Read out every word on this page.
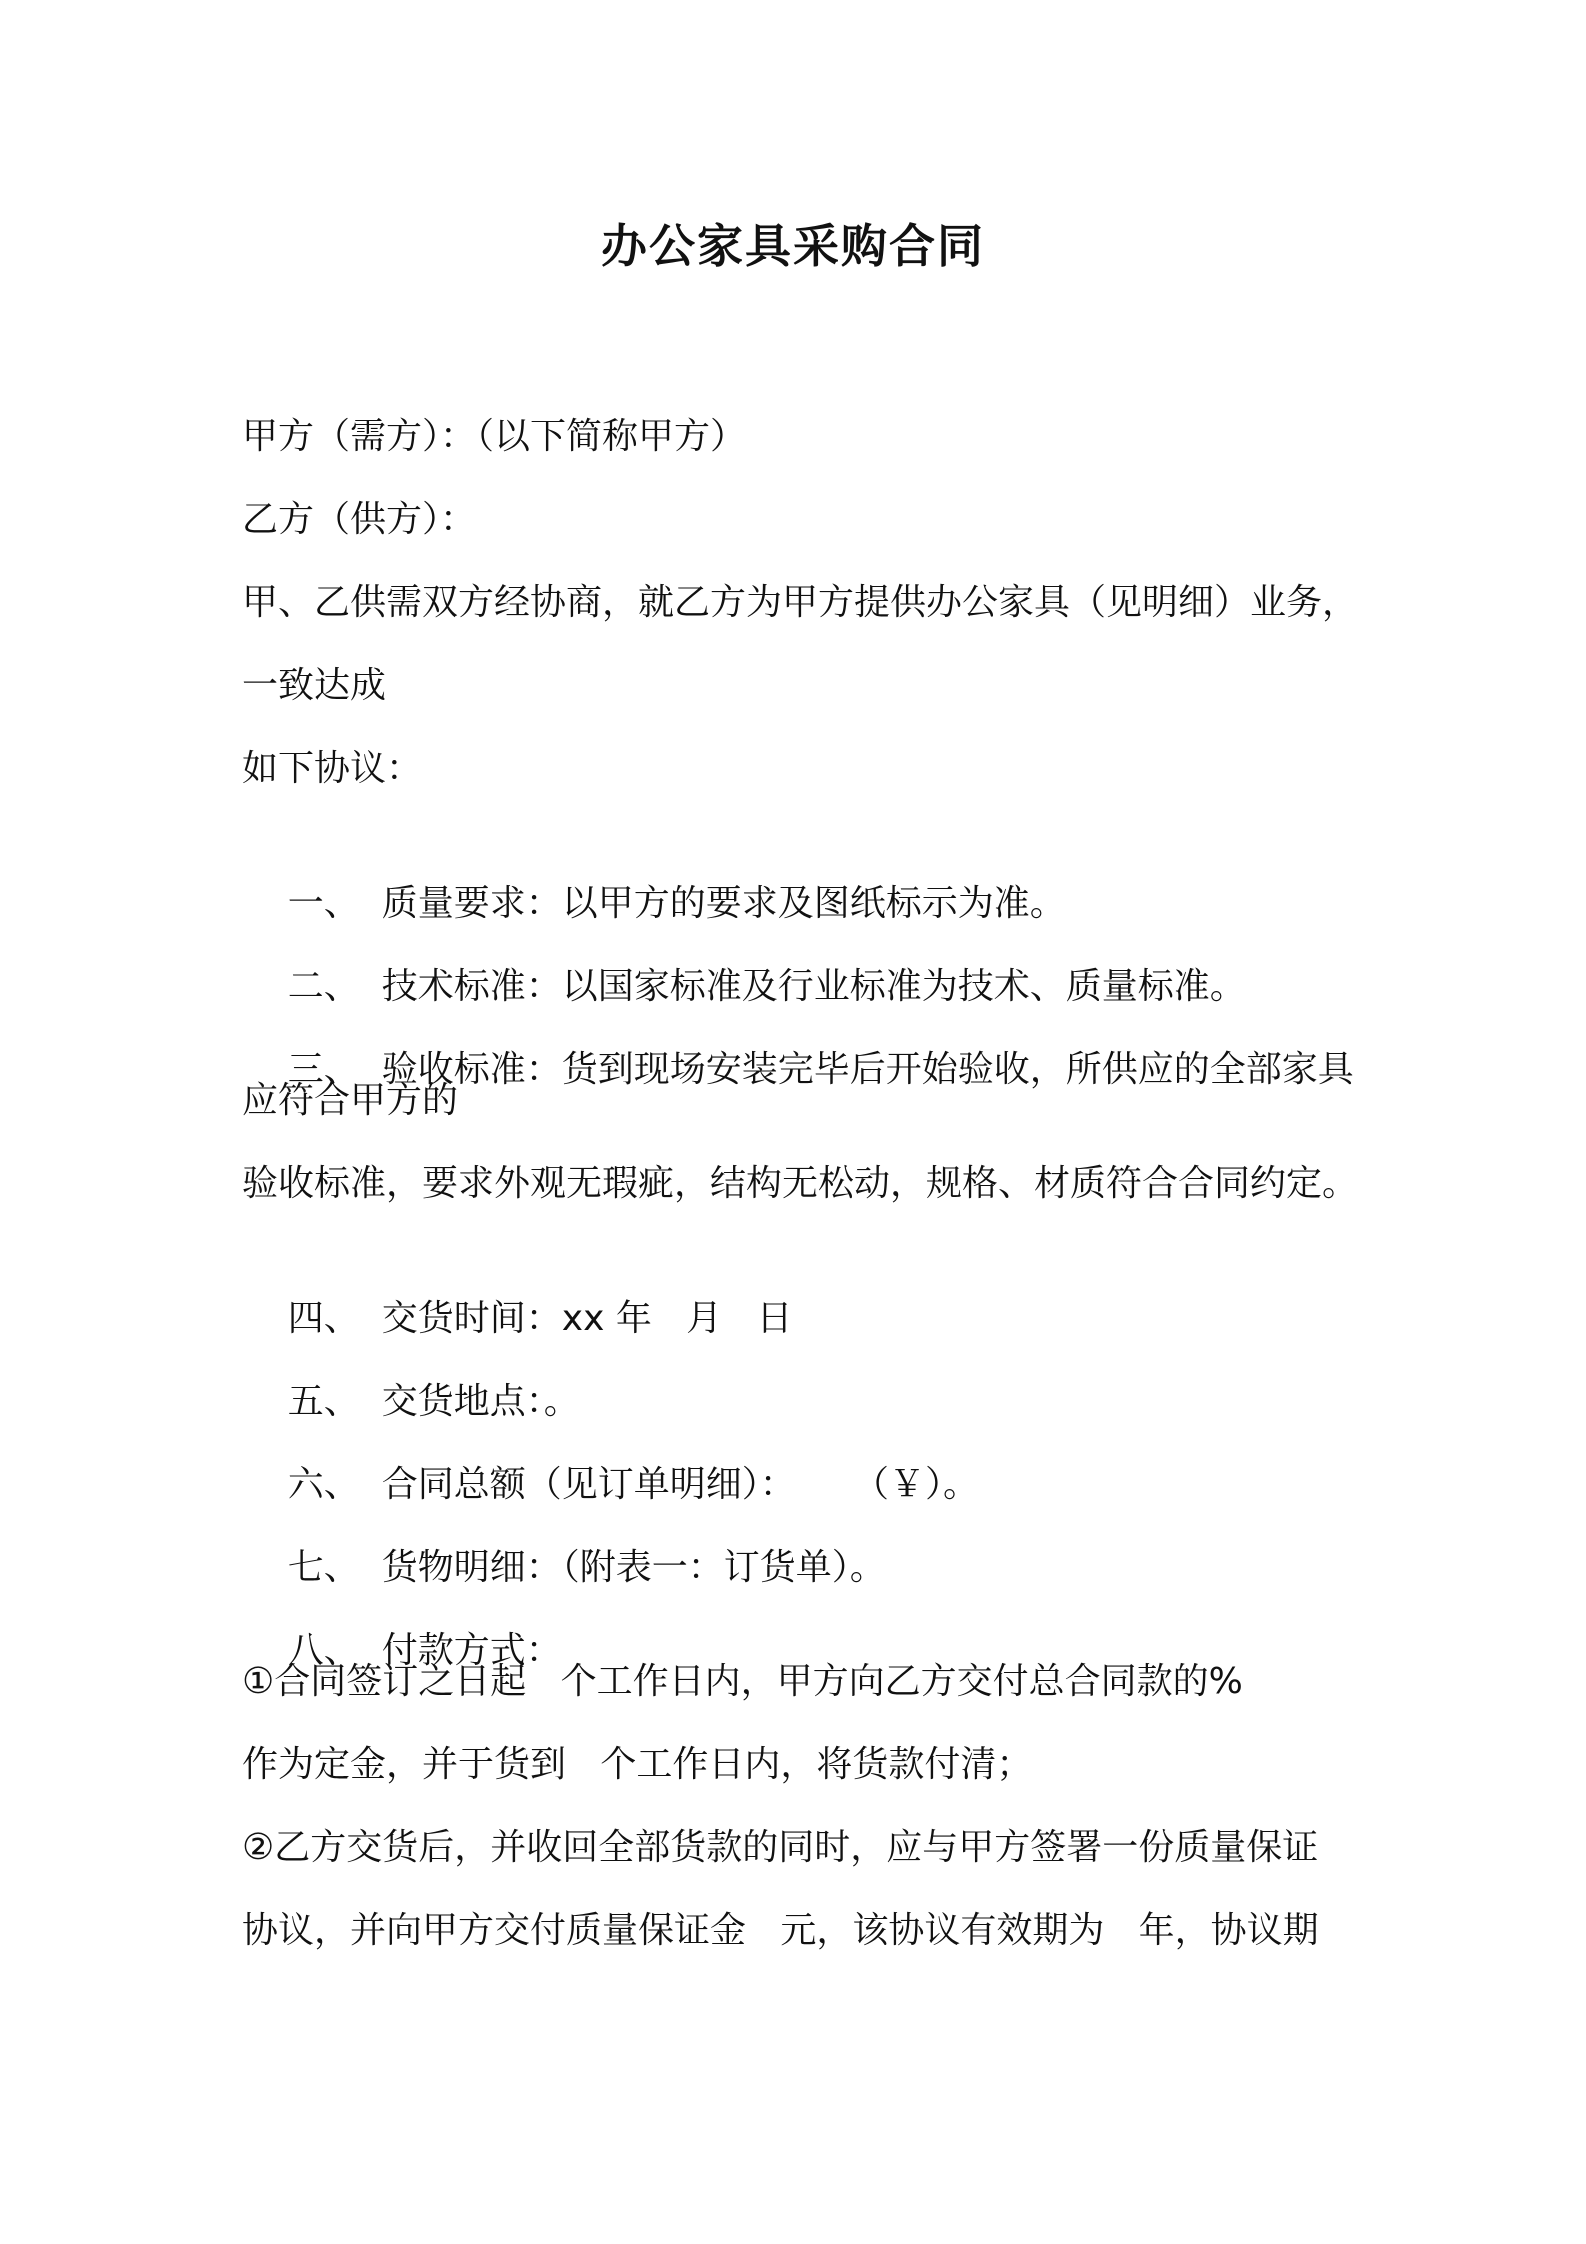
办公家具采购合同
甲方（需方）：（以下简称甲方）
乙方（供方）：
甲、乙供需双方经协商，就乙方为甲方提供办公家具（见明细）业务，
一致达成
如下协议：

一、 质量要求：以甲方的要求及图纸标示为准。

二、 技术标准：以国家标准及行业标准为技术、质量标准。

三、 验收标准：货到现场安装完毕后开始验收，所供应的全部家具

应符合甲方的
验收标准，要求外观无瑕疵，结构无松动，规格、材质符合合同约定。

四、 交货时间：xx 年   月   日

五、 交货地点：。

六、 合同总额（见订单明细）：     （￥）。

七、 货物明细：（附表一：订货单）。

八、 付款方式：

①合同签订之日起   个工作日内，甲方向乙方交付总合同款的%
作为定金，并于货到   个工作日内，将货款付清；
②乙方交货后，并收回全部货款的同时，应与甲方签署一份质量保证
协议，并向甲方交付质量保证金   元，该协议有效期为   年，协议期
